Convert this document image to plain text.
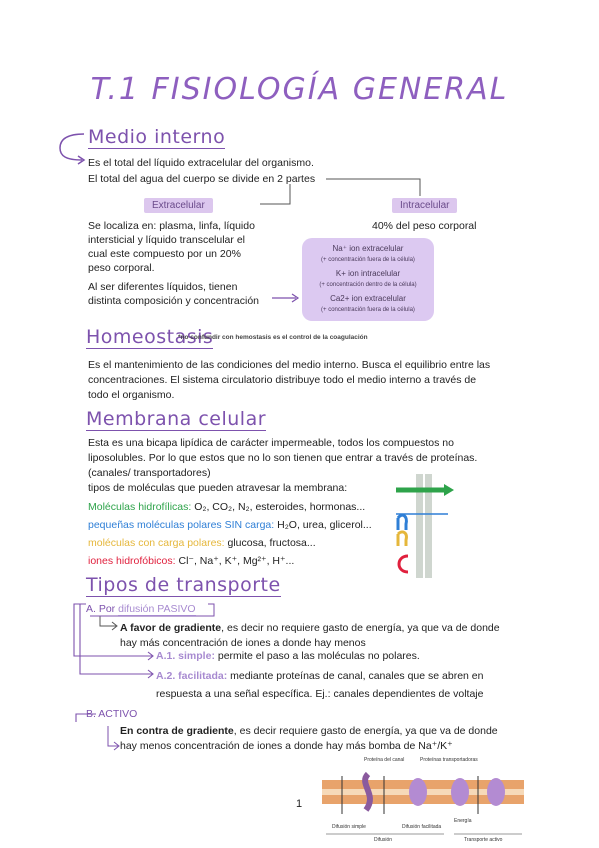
T.1 FISIOLOGÍA GENERAL
Medio interno
Es el total del líquido extracelular del organismo.
El total del agua del cuerpo se divide en 2 partes
Extracelular	Intracelular
40% del peso corporal
Se localiza en: plasma, linfa, líquido
intersticial y líquido transcelular el
cual este compuesto por un 20%
peso corporal.
Al ser diferentes líquidos, tienen
distinta composición y concentración
Na⁺ ion extracelular
(+ concentración fuera de la célula)
K+ ion intracelular
(+ concentración dentro de la célula)
Ca2+ ion extracelular
(+ concentración fuera de la célula)
Homeostasis
*no confundir con hemostasis es el control de la coagulación
Es el mantenimiento de las condiciones del medio interno. Busca el equilibrio entre las
concentraciones. El sistema circulatorio distribuye todo el medio interno a través de
todo el organismo.
Membrana celular
Esta es una bicapa lipídica de carácter impermeable, todos los compuestos no
liposolubles. Por lo que estos que no lo son tienen que entrar a través de proteínas.
(canales/ transportadores)
tipos de moléculas que pueden atravesar la membrana:
Moléculas hidrofílicas: O₂, CO₂, N₂, esteroides, hormonas...
pequeñas moléculas polares SIN carga: H₂O, urea, glicerol...
moléculas con carga polares: glucosa, fructosa...
iones hidrofóbicos: Cl⁻, Na⁺, K⁺, Mg²⁺, H⁺...
Tipos de transporte
A. Por difusión PASIVO
A favor de gradiente, es decir no requiere gasto de energía, ya que va de donde
hay más concentración de iones a donde hay menos
A.1. simple: permite el paso a las moléculas no polares.
A.2. facilitada: mediante proteínas de canal, canales que se abren en
respuesta a una señal específica. Ej.: canales dependientes de voltaje
B. ACTIVO
En contra de gradiente, es decir requiere gasto de energía, ya que va de donde
hay menos concentración de iones a donde hay más bomba de Na⁺/K⁺
1
Proteína del canal	Proteínas transportadoras
Energía
Difusión simple	Difusión facilitada
Difusión	Transporte activo
